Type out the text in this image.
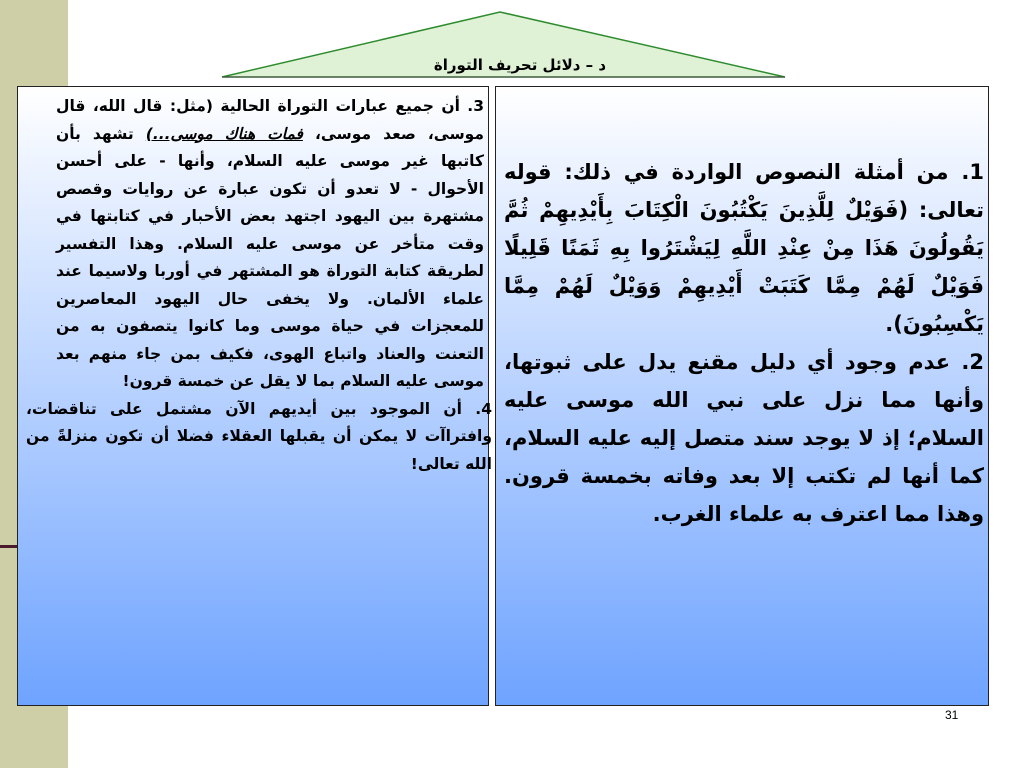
د – دلائل تحريف التوراة

3. أن جميع عبارات التوراة الحالية (مثل: قال الله، قال موسى، صعد موسى، فمات هناك موسى...) تشهد بأن كاتبها غير موسى عليه السلام، وأنها - على أحسن الأحوال - لا تعدو أن تكون عبارة عن روايات وقصص مشتهرة بين اليهود اجتهد بعض الأحبار في كتابتها في وقت متأخر عن موسى عليه السلام. وهذا التفسير لطريقة كتابة التوراة هو المشتهر في أوربا ولاسيما عند علماء الألمان. ولا يخفى حال اليهود المعاصرين للمعجزات في حياة موسى وما كانوا يتصفون به من التعنت والعناد واتباع الهوى، فكيف بمن جاء منهم بعد موسى عليه السلام بما لا يقل عن خمسة قرون!

4. أن الموجود بين أيديهم الآن مشتمل على تناقضات، وافتراآت لا يمكن أن يقبلها العقلاء فضلا أن تكون منزلةً من الله تعالى!

1. من أمثلة النصوص الواردة في ذلك: قوله تعالى: (فَوَيْلٌ لِلَّذِينَ يَكْتُبُونَ الْكِتَابَ بِأَيْدِيهِمْ ثُمَّ يَقُولُونَ هَذَا مِنْ عِنْدِ اللَّهِ لِيَشْتَرُوا بِهِ ثَمَنًا قَلِيلًا فَوَيْلٌ لَهُمْ مِمَّا كَتَبَتْ أَيْدِيهِمْ وَوَيْلٌ لَهُمْ مِمَّا يَكْسِبُونَ).

2. عدم وجود أي دليل مقنع يدل على ثبوتها، وأنها مما نزل على نبي الله موسى عليه السلام؛ إذ لا يوجد سند متصل إليه عليه السلام، كما أنها لم تكتب إلا بعد وفاته بخمسة قرون. وهذا مما اعترف به علماء الغرب.

31
